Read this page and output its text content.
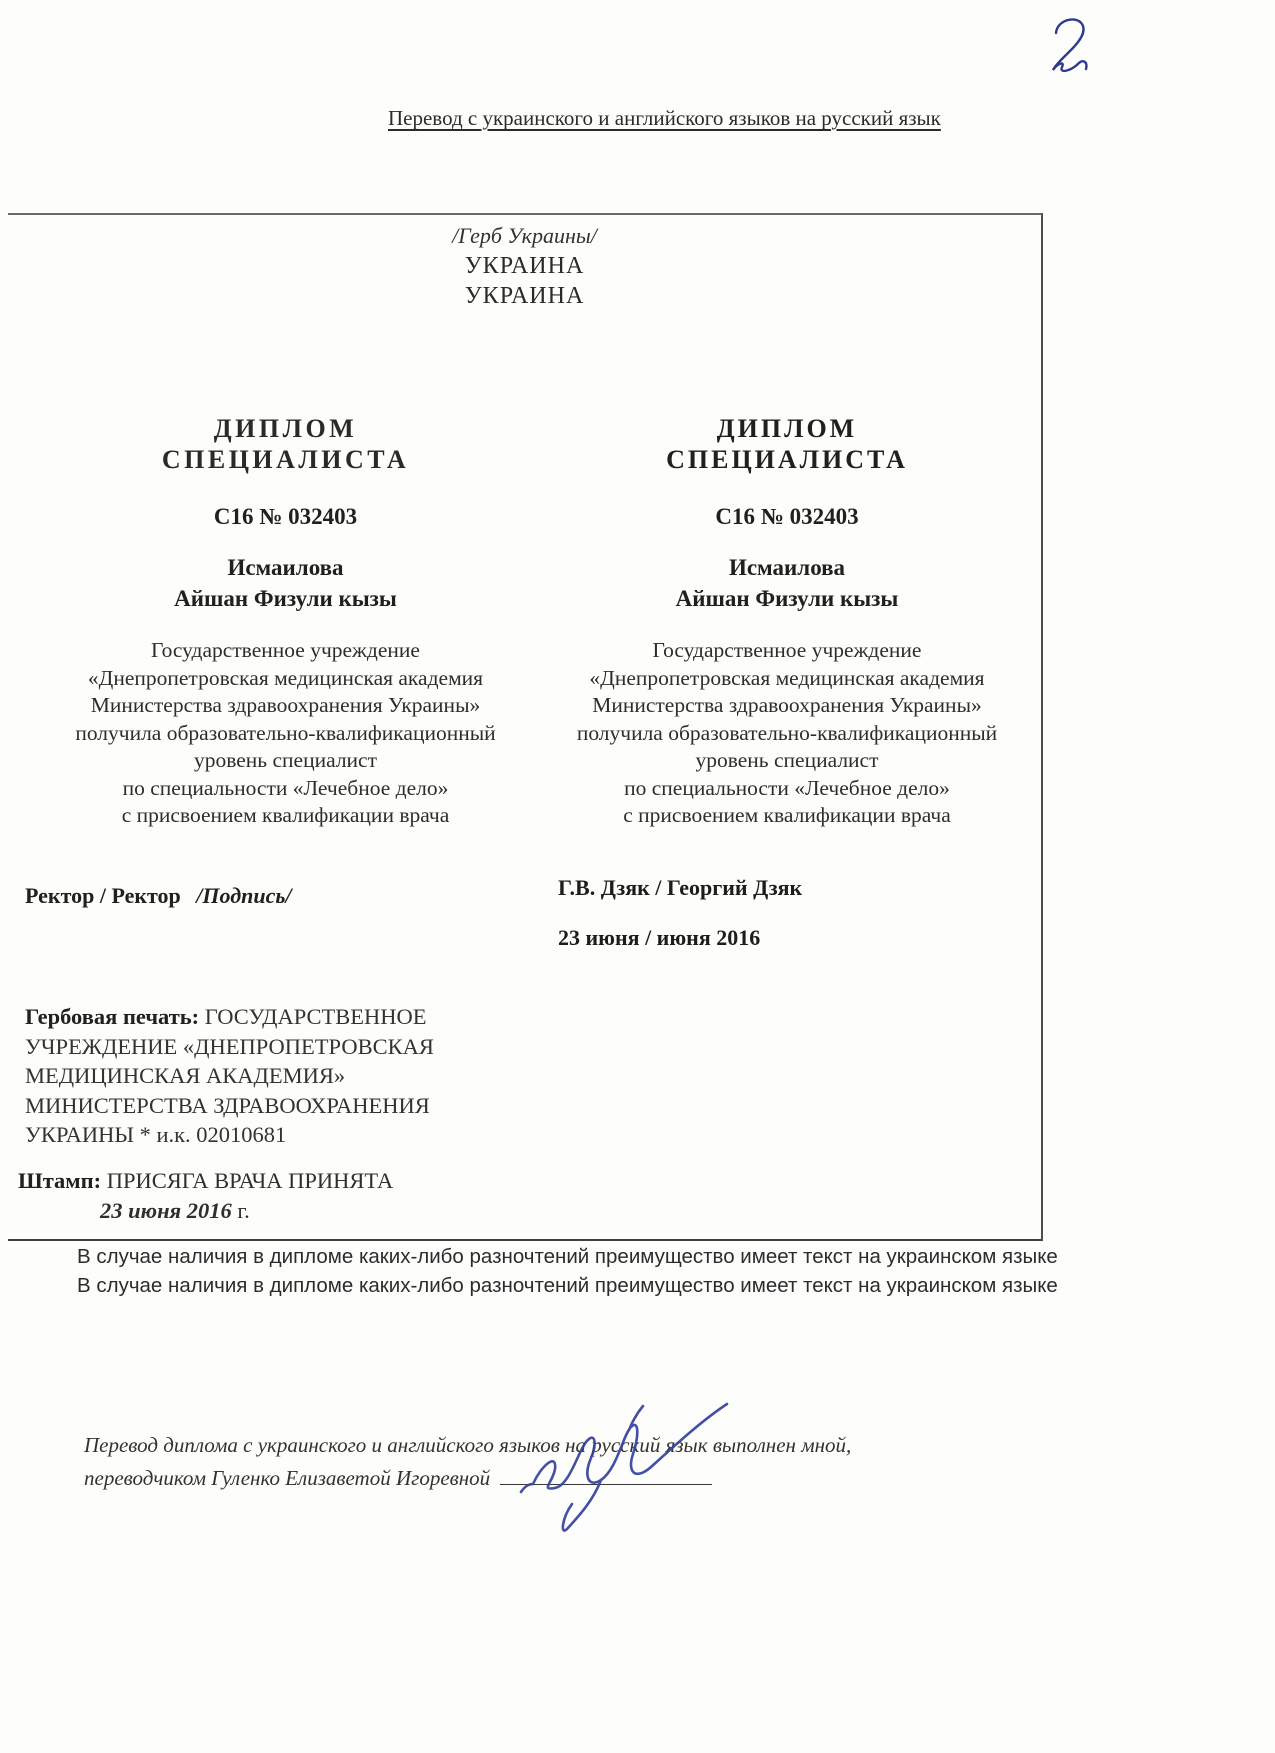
Перевод с украинского и английского языков на русский язык
/Герб Украины/
УКРАИНА
УКРАИНА
ДИПЛОМ
СПЕЦИАЛИСТА
С16 № 032403
Исмаилова
Айшан Физули кызы
Государственное учреждение
«Днепропетровская медицинская академия
Министерства здравоохранения Украины»
получила образовательно-квалификационный
уровень специалист
по специальности «Лечебное дело»
с присвоением квалификации врача
ДИПЛОМ
СПЕЦИАЛИСТА
С16 № 032403
Исмаилова
Айшан Физули кызы
Государственное учреждение
«Днепропетровская медицинская академия
Министерства здравоохранения Украины»
получила образовательно-квалификационный
уровень специалист
по специальности «Лечебное дело»
с присвоением квалификации врача
Ректор / Ректор /Подпись/	Г.В. Дзяк / Георгий Дзяк
23 июня / июня 2016
Гербовая печать: ГОСУДАРСТВЕННОЕ
УЧРЕЖДЕНИЕ «ДНЕПРОПЕТРОВСКАЯ
МЕДИЦИНСКАЯ АКАДЕМИЯ»
МИНИСТЕРСТВА ЗДРАВООХРАНЕНИЯ
УКРАИНЫ * и.к. 02010681
Штамп: ПРИСЯГА ВРАЧА ПРИНЯТА
23 июня 2016 г.
В случае наличия в дипломе каких-либо разночтений преимущество имеет текст на украинском языке
В случае наличия в дипломе каких-либо разночтений преимущество имеет текст на украинском языке
Перевод диплома с украинского и английского языков на русский язык выполнен мной,
переводчиком Гуленко Елизаветой Игоревной
